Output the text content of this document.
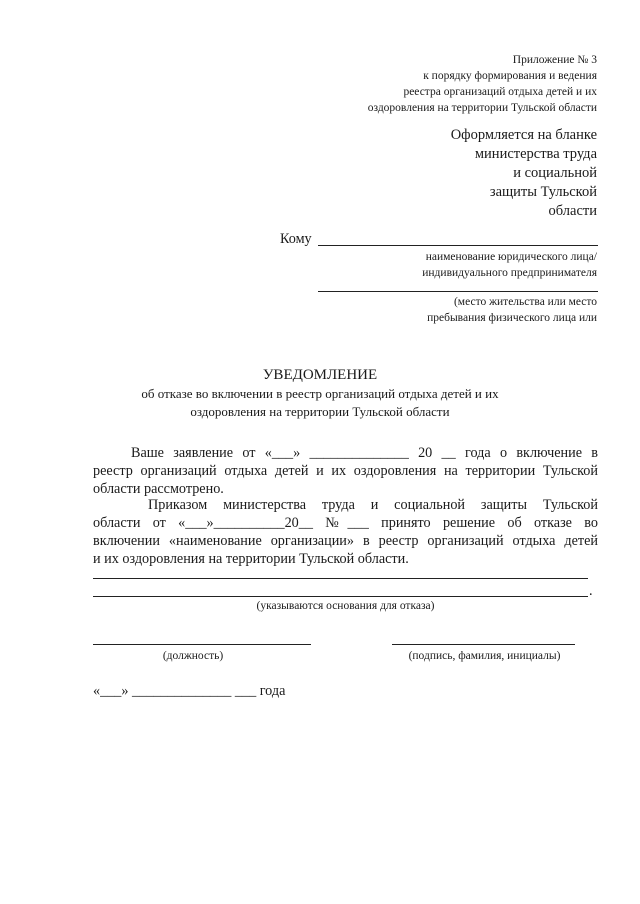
Приложение № 3
к порядку формирования и ведения
реестра организаций отдыха детей и их
оздоровления на территории Тульской области
Оформляется на бланке
министерства труда
и социальной
защиты Тульской
области
Кому
наименование юридического лица/
индивидуального предпринимателя
(место жительства или место
пребывания физического лица или
УВЕДОМЛЕНИЕ
об отказе во включении в реестр организаций отдыха детей и их
оздоровления на территории Тульской области
Ваше заявление от «___» ______________ 20 __ года о включение в
реестр организаций отдыха детей и их оздоровления на территории Тульской
области рассмотрено.
Приказом министерства труда и социальной защиты Тульской
области от «___»__________20__ №___ принято решение об отказе во
включении «наименование организации» в реестр организаций отдыха детей
и их оздоровления на территории Тульской области.
.
(указываются основания для отказа)
(должность)	(подпись, фамилия, инициалы)
«___» ______________ ___ года
